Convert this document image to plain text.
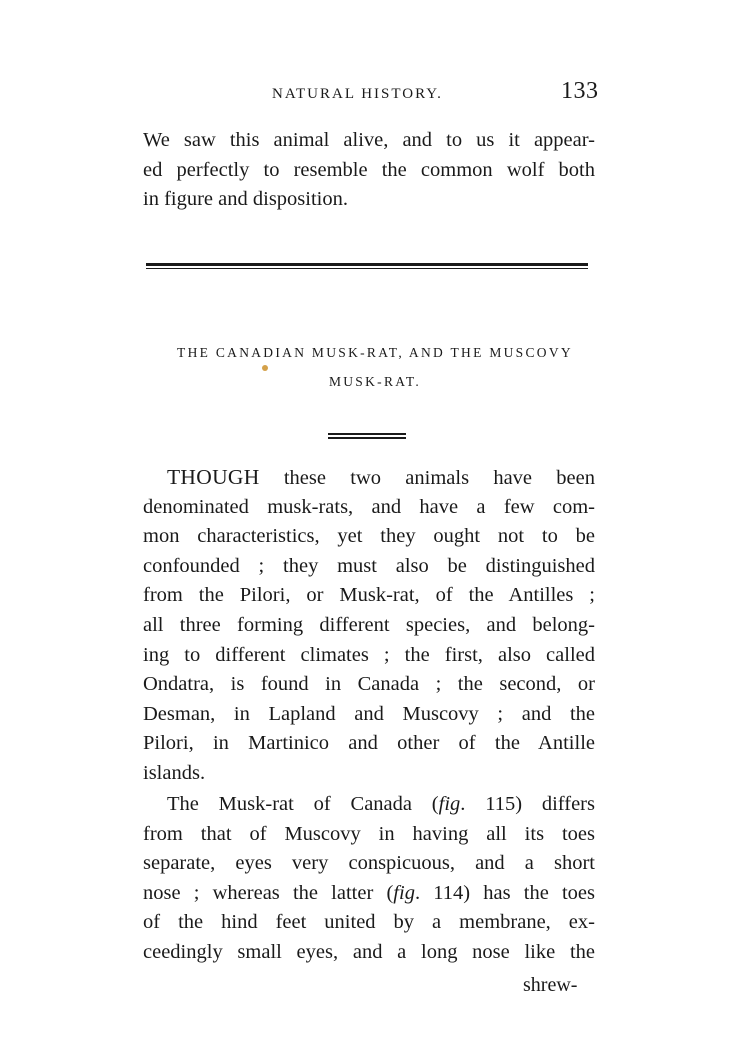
NATURAL HISTORY.	133
We saw this animal alive, and to us it appear-
ed perfectly to resemble the common wolf both
in figure and disposition.
THE CANADIAN MUSK-RAT, AND THE MUSCOVY
MUSK-RAT.
THOUGH these two animals have been
denominated musk-rats, and have a few com-
mon characteristics, yet they ought not to be
confounded ; they must also be distinguished
from the Pilori, or Musk-rat, of the Antilles ;
all three forming different species, and belong-
ing to different climates ; the first, also called
Ondatra, is found in Canada ; the second, or
Desman, in Lapland and Muscovy ; and the
Pilori, in Martinico and other of the Antille
islands.
The Musk-rat of Canada (fig. 115) differs
from that of Muscovy in having all its toes
separate, eyes very conspicuous, and a short
nose ; whereas the latter (fig. 114) has the toes
of the hind feet united by a membrane, ex-
ceedingly small eyes, and a long nose like the
shrew-
